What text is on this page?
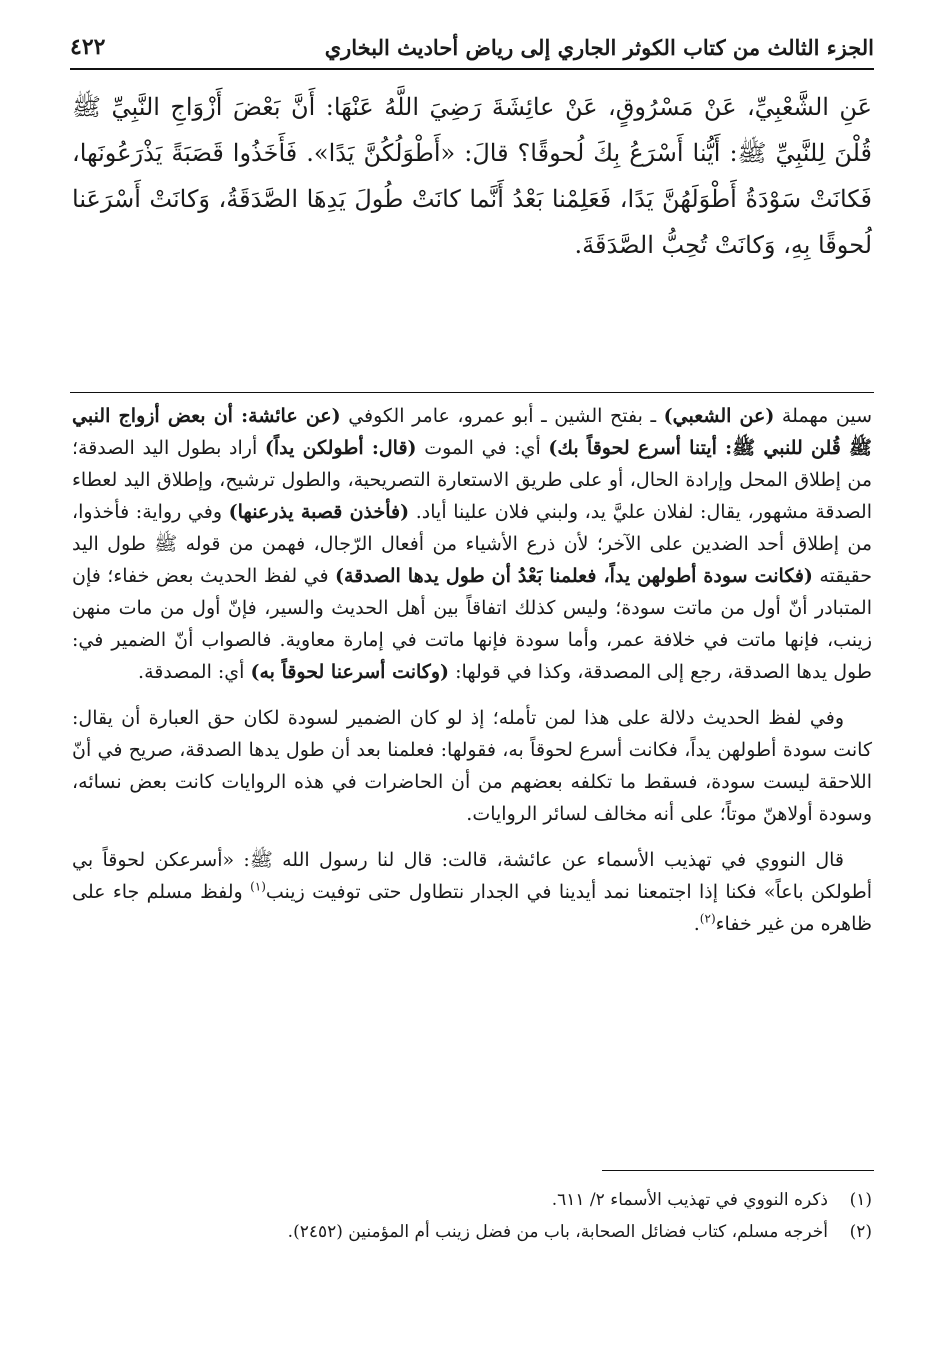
الجزء الثالث من كتاب الكوثر الجاري إلى رياض أحاديث البخاري
٤٢٢
عَنِ الشَّعْبِيِّ، عَنْ مَسْرُوقٍ، عَنْ عائِشَةَ رَضِيَ اللَّهُ عَنْهَا: أَنَّ بَعْضَ أَزْوَاجِ النَّبِيِّ ﷺ قُلْنَ لِلنَّبِيِّ ﷺ: أَيُّنا أَسْرَعُ بِكَ لُحوقًا؟ قالَ: «أَطْوَلُكُنَّ يَدًا». فَأَخَذُوا قَصَبَةً يَذْرَعُونَها، فَكانَتْ سَوْدَةُ أَطْوَلَهُنَّ يَدًا، فَعَلِمْنا بَعْدُ أَنَّما كانَتْ طُولَ يَدِهَا الصَّدَقَةُ، وَكانَتْ أَسْرَعَنا لُحوقًا بِهِ، وَكانَتْ تُحِبُّ الصَّدَقَةَ.

سين مهملة (عن الشعبي) ـ بفتح الشين ـ أبو عمرو، عامر الكوفي (عن عائشة: أن بعض أزواج النبي ﷺ قُلن للنبي ﷺ: أيتنا أسرع لحوقاً بك) أي: في الموت (قال: أطولكن يداً) أراد بطول اليد الصدقة؛ من إطلاق المحل وإرادة الحال، أو على طريق الاستعارة التصريحية، والطول ترشيح، وإطلاق اليد لعطاء الصدقة مشهور، يقال: لفلان عليَّ يد، ولبني فلان علينا أياد. (فأخذن قصبة يذرعنها) وفي رواية: فأخذوا، من إطلاق أحد الضدين على الآخر؛ لأن ذرع الأشياء من أفعال الرّجال، فهمن من قوله ﷺ طول اليد حقيقته (فكانت سودة أطولهن يداً، فعلمنا بَعْدُ أن طول يدها الصدقة) في لفظ الحديث بعض خفاء؛ فإن المتبادر أنّ أول من ماتت سودة؛ وليس كذلك اتفاقاً بين أهل الحديث والسير، فإنّ أول من مات منهن زينب، فإنها ماتت في خلافة عمر، وأما سودة فإنها ماتت في إمارة معاوية. فالصواب أنّ الضمير في: طول يدها الصدقة، رجع إلى المصدقة، وكذا في قولها: (وكانت أسرعنا لحوقاً به) أي: المصدقة.

وفي لفظ الحديث دلالة على هذا لمن تأمله؛ إذ لو كان الضمير لسودة لكان حق العبارة أن يقال: كانت سودة أطولهن يداً، فكانت أسرع لحوقاً به، فقولها: فعلمنا بعد أن طول يدها الصدقة، صريح في أنّ اللاحقة ليست سودة، فسقط ما تكلفه بعضهم من أن الحاضرات في هذه الروايات كانت بعض نسائه، وسودة أولاهنّ موتاً؛ على أنه مخالف لسائر الروايات.

قال النووي في تهذيب الأسماء عن عائشة، قالت: قال لنا رسول الله ﷺ: «أسرعكن لحوقاً بي أطولكن باعاً» فكنا إذا اجتمعنا نمد أيدينا في الجدار نتطاول حتى توفيت زينب$^{(١)}$ ولفظ مسلم جاء على ظاهره من غير خفاء$^{(٢)}$.

(١)ذكره النووي في تهذيب الأسماء ٢/ ٦١١.
(٢)أخرجه مسلم، كتاب فضائل الصحابة، باب من فضل زينب أم المؤمنين (٢٤٥٢).
